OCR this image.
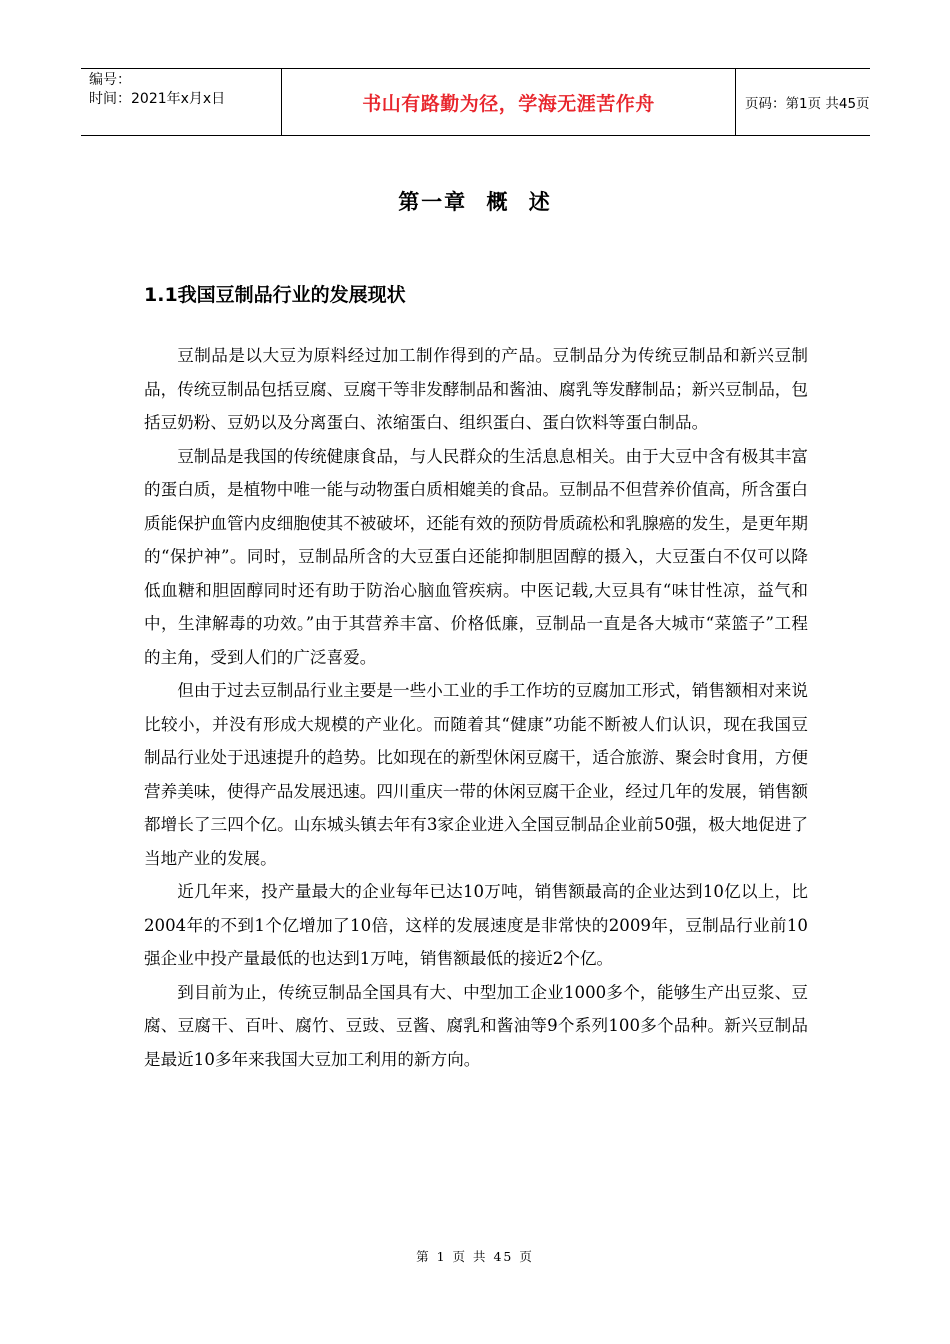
编号：
时间：2021年x月x日	书山有路勤为径，学海无涯苦作舟	页码：第1页 共45页
第一章 概 述
1.1我国豆制品行业的发展现状

豆制品是以大豆为原料经过加工制作得到的产品。豆制品分为传统豆制品和新兴豆制品，传统豆制品包括豆腐、豆腐干等非发酵制品和酱油、腐乳等发酵制品；新兴豆制品，包括豆奶粉、豆奶以及分离蛋白、浓缩蛋白、组织蛋白、蛋白饮料等蛋白制品。

豆制品是我国的传统健康食品，与人民群众的生活息息相关。由于大豆中含有极其丰富的蛋白质，是植物中唯一能与动物蛋白质相媲美的食品。豆制品不但营养价值高，所含蛋白质能保护血管内皮细胞使其不被破坏，还能有效的预防骨质疏松和乳腺癌的发生，是更年期的“保护神”。同时，豆制品所含的大豆蛋白还能抑制胆固醇的摄入，大豆蛋白不仅可以降低血糖和胆固醇同时还有助于防治心脑血管疾病。中医记载,大豆具有“味甘性凉，益气和中，生津解毒的功效。”由于其营养丰富、价格低廉，豆制品一直是各大城市“菜篮子”工程的主角，受到人们的广泛喜爱。

但由于过去豆制品行业主要是一些小工业的手工作坊的豆腐加工形式，销售额相对来说比较小，并没有形成大规模的产业化。而随着其“健康”功能不断被人们认识，现在我国豆制品行业处于迅速提升的趋势。比如现在的新型休闲豆腐干，适合旅游、聚会时食用，方便营养美味，使得产品发展迅速。四川重庆一带的休闲豆腐干企业，经过几年的发展，销售额都增长了三四个亿。山东城头镇去年有3家企业进入全国豆制品企业前50强，极大地促进了当地产业的发展。

近几年来，投产量最大的企业每年已达10万吨，销售额最高的企业达到10亿以上，比2004年的不到1个亿增加了10倍，这样的发展速度是非常快的2009年，豆制品行业前10强企业中投产量最低的也达到1万吨，销售额最低的接近2个亿。

到目前为止，传统豆制品全国具有大、中型加工企业1000多个，能够生产出豆浆、豆腐、豆腐干、百叶、腐竹、豆豉、豆酱、腐乳和酱油等9个系列100多个品种。新兴豆制品是最近10多年来我国大豆加工利用的新方向。

第 1 页 共 45 页
